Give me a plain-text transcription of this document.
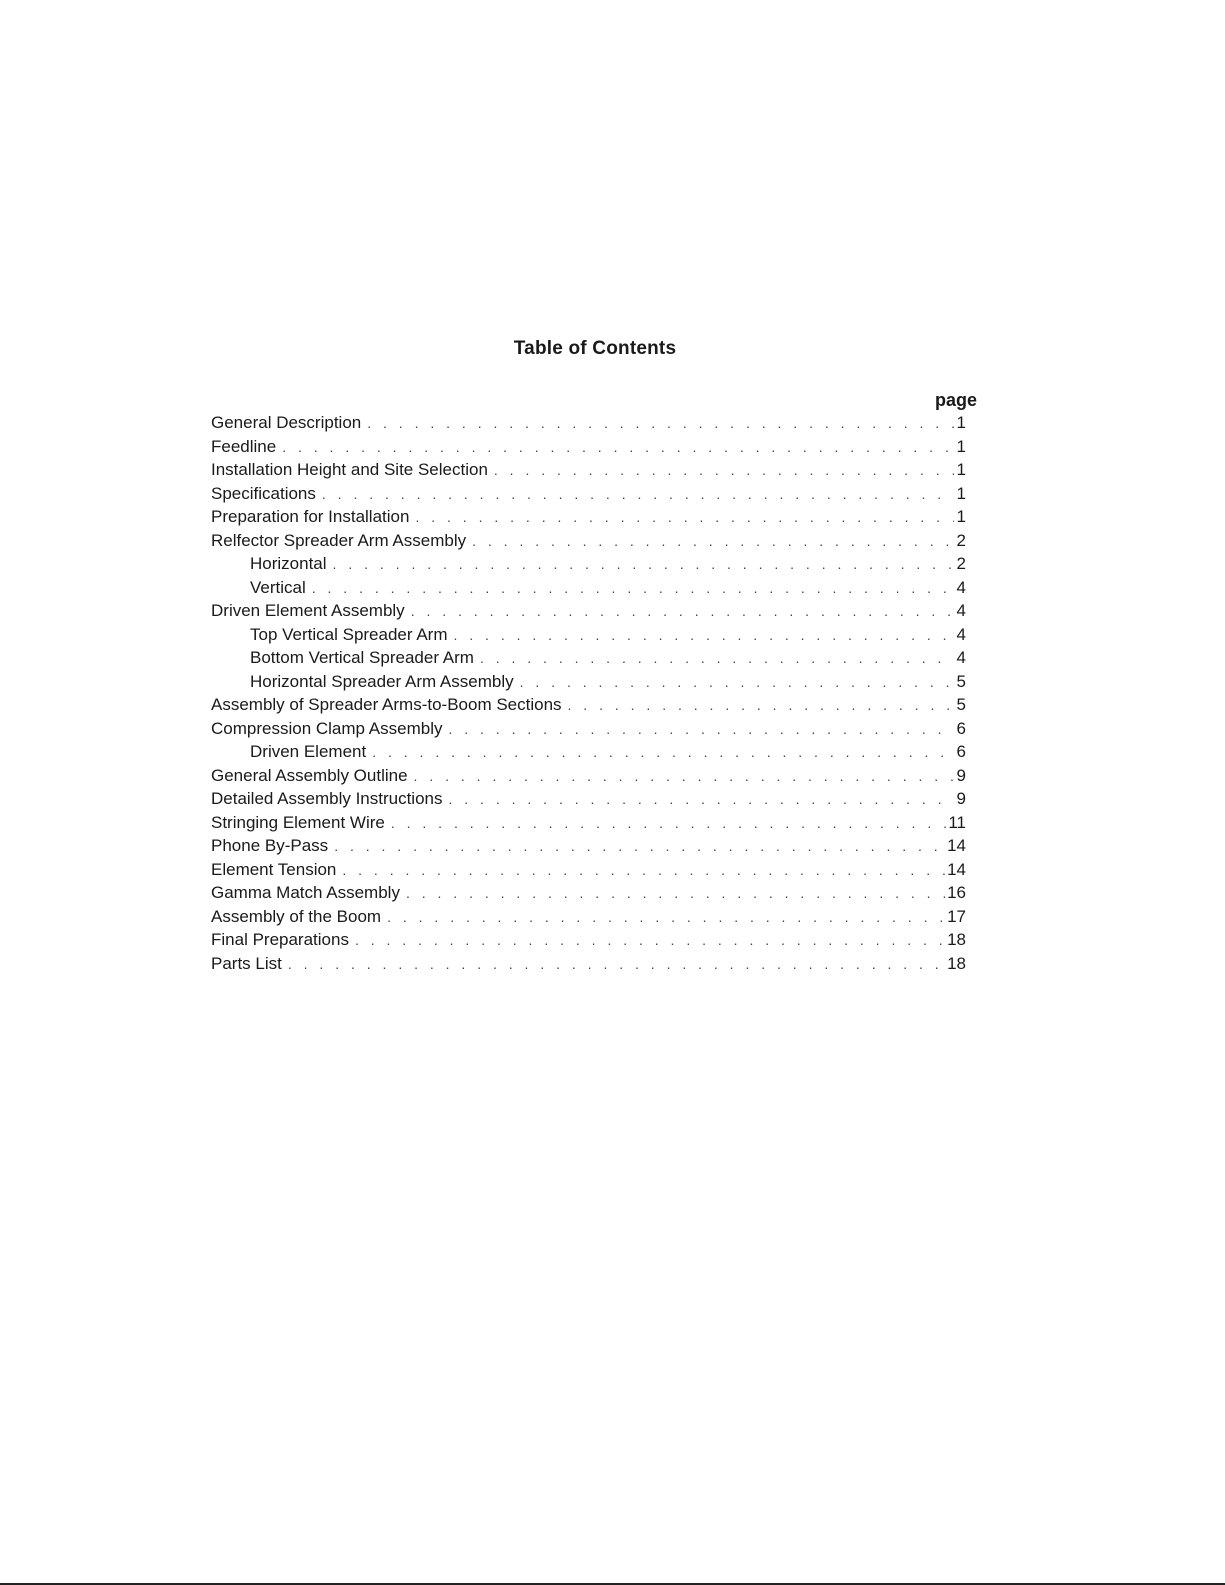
Table of Contents
page
General Description . . .	1
Feedline . . .	1
Installation Height and Site Selection . . .	1
Specifications . . .	1
Preparation for Installation . . .	1
Relfector Spreader Arm Assembly . . .	2
Horizontal . . .	2
Vertical . . .	4
Driven Element Assembly . . .	4
Top Vertical Spreader Arm . . .	4
Bottom Vertical Spreader Arm . . .	4
Horizontal Spreader Arm Assembly . . .	5
Assembly of Spreader Arms-to-Boom Sections . . .	5
Compression Clamp Assembly . . .	6
Driven Element . . .	6
General Assembly Outline . . .	9
Detailed Assembly Instructions . . .	9
Stringing Element Wire . . .	11
Phone By-Pass . . .	14
Element Tension . . .	14
Gamma Match Assembly . . .	16
Assembly of the Boom . . .	17
Final Preparations . . .	18
Parts List . . .	18
